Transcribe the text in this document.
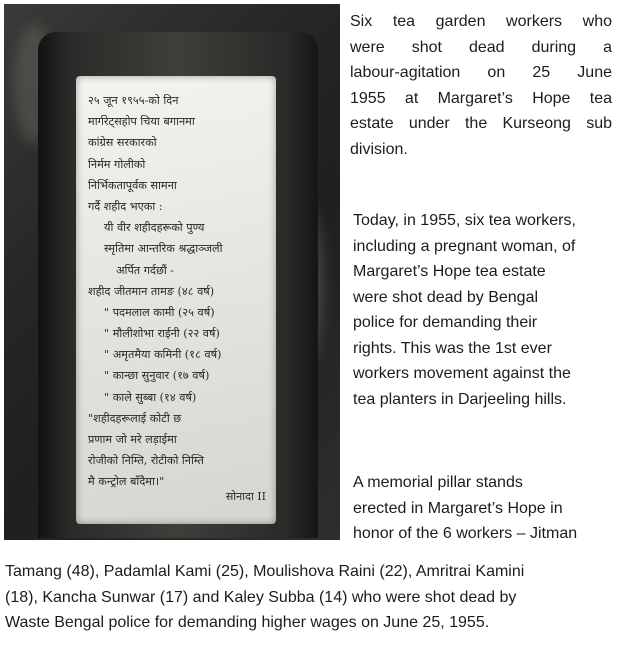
२५ जून १९५५-को दिन
मार्गरेट्सहोप चिया बगानमा
कांग्रेस सरकारको
निर्मम गोलीको
निर्भिकतापूर्वक सामना
गर्दै शहीद भएका :
यी वीर शहीदहरूको पुण्य
स्मृतिमा आन्तरिक श्रद्धाञ्जली
अर्पित गर्दछौं -
शहीद जीतमान तामङ (४८ वर्ष)
" पदमलाल कामी (२५ वर्ष)
" मौलीशोभा राईनी (२२ वर्ष)
" अमृतमैया कमिनी (१८ वर्ष)
" कान्छा सुनुवार (१७ वर्ष)
" काले सुब्बा (१४ वर्ष)
"शहीदहरूलाई कोटी छ
प्रणाम जो मरे लड़ाईमा
रोजीको निम्ति, रोटीको निम्ति
मै कन्ट्रोल बाँदैमा।"
सोनादा II
Six tea garden workers who
were shot dead during a
labour-agitation on 25 June
1955 at Margaret’s Hope tea
estate under the Kurseong sub
division.
Today, in 1955, six tea workers,
including a pregnant woman, of
Margaret’s Hope tea estate
were shot dead by Bengal
police for demanding their
rights. This was the 1st ever
workers movement against the
tea planters in Darjeeling hills.
A memorial pillar stands
erected in Margaret’s Hope in
honor of the 6 workers – Jitman
Tamang (48), Padamlal Kami (25), Moulishova Raini (22), Amritrai Kamini
(18), Kancha Sunwar (17) and Kaley Subba (14) who were shot dead by
Waste Bengal police for demanding higher wages on June 25, 1955.
